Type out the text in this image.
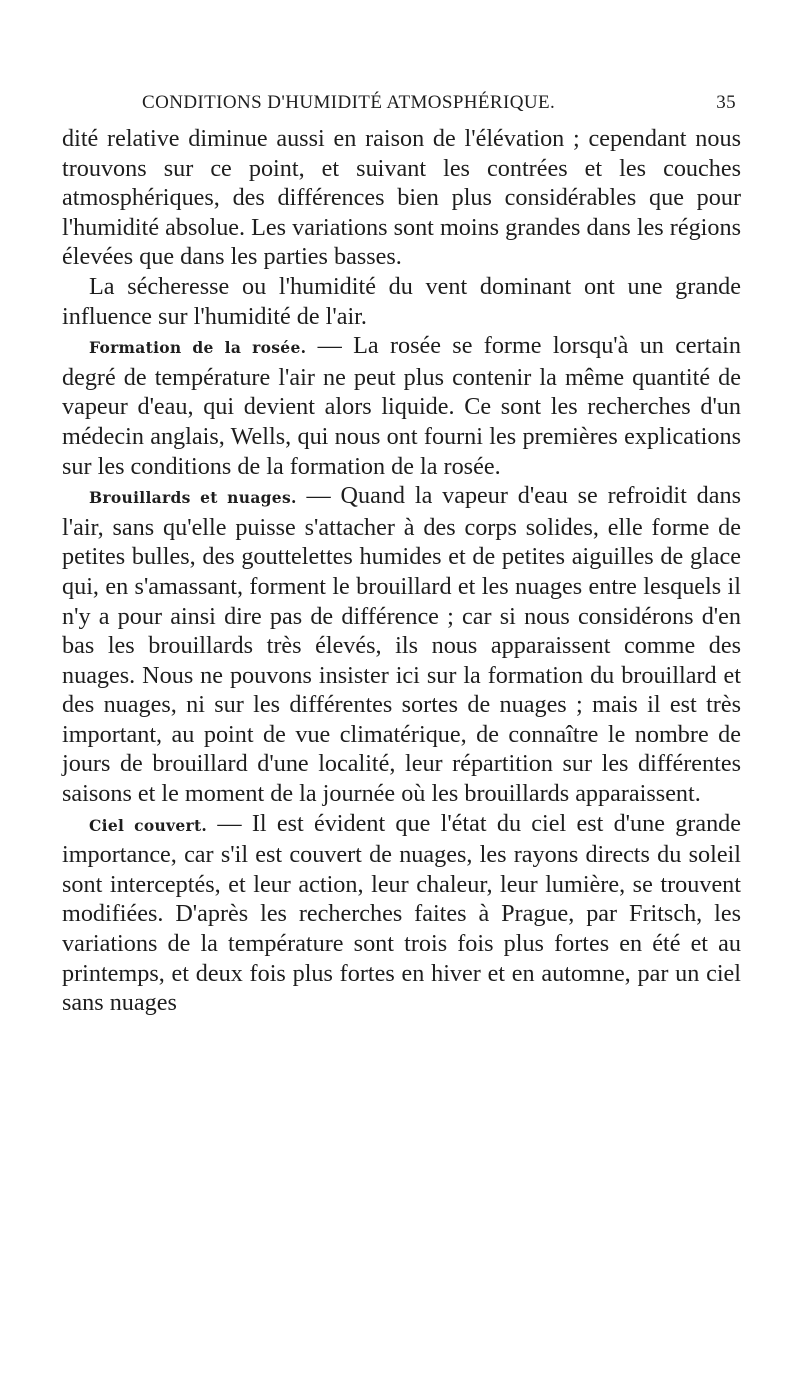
CONDITIONS D'HUMIDITÉ ATMOSPHÉRIQUE.	35

dité relative diminue aussi en raison de l'élévation ; cependant nous trouvons sur ce point, et suivant les contrées et les couches atmosphériques, des différences bien plus considérables que pour l'humidité absolue. Les variations sont moins grandes dans les régions élevées que dans les parties basses.

La sécheresse ou l'humidité du vent dominant ont une grande influence sur l'humidité de l'air.

Formation de la rosée. — La rosée se forme lorsqu'à un certain degré de température l'air ne peut plus contenir la même quantité de vapeur d'eau, qui devient alors liquide. Ce sont les recherches d'un médecin anglais, Wells, qui nous ont fourni les premières explications sur les conditions de la formation de la rosée.

Brouillards et nuages. — Quand la vapeur d'eau se refroidit dans l'air, sans qu'elle puisse s'attacher à des corps solides, elle forme de petites bulles, des gouttelettes humides et de petites aiguilles de glace qui, en s'amassant, forment le brouillard et les nuages entre lesquels il n'y a pour ainsi dire pas de différence ; car si nous considérons d'en bas les brouillards très élevés, ils nous apparaissent comme des nuages. Nous ne pouvons insister ici sur la formation du brouillard et des nuages, ni sur les différentes sortes de nuages ; mais il est très important, au point de vue climatérique, de connaître le nombre de jours de brouillard d'une localité, leur répartition sur les différentes saisons et le moment de la journée où les brouillards apparaissent.

Ciel couvert. — Il est évident que l'état du ciel est d'une grande importance, car s'il est couvert de nuages, les rayons directs du soleil sont interceptés, et leur action, leur chaleur, leur lumière, se trouvent modifiées. D'après les recherches faites à Prague, par Fritsch, les variations de la température sont trois fois plus fortes en été et au printemps, et deux fois plus fortes en hiver et en automne, par un ciel sans nuages
